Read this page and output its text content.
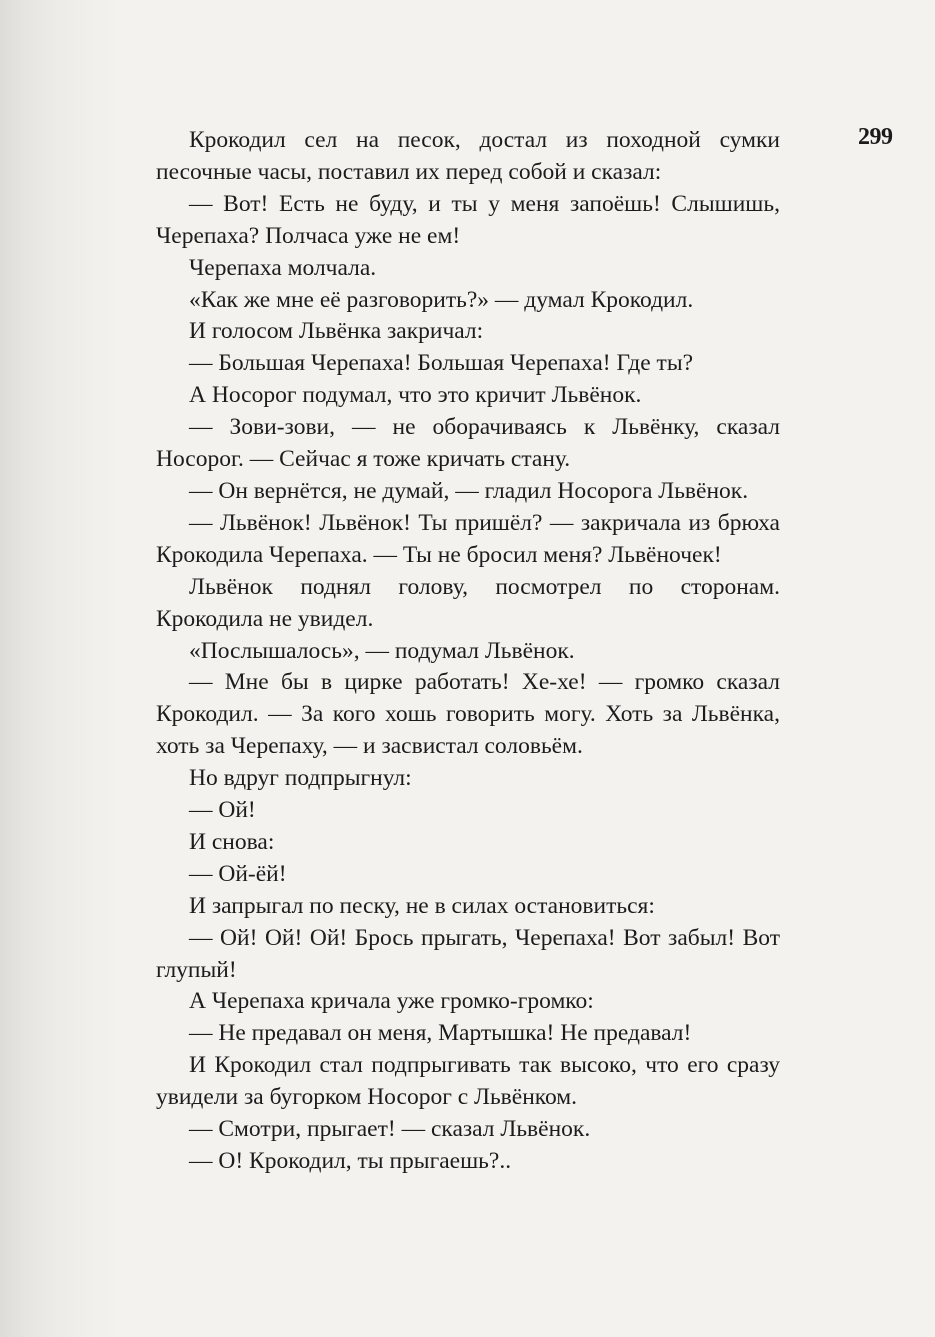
299

Крокодил сел на песок, достал из походной сумки песочные часы, поставил их перед собой и сказал:

— Вот! Есть не буду, и ты у меня запоёшь! Слышишь, Черепаха? Полчаса уже не ем!

Черепаха молчала.

«Как же мне её разговорить?» — думал Крокодил.

И голосом Львёнка закричал:

— Большая Черепаха! Большая Черепаха! Где ты?

А Носорог подумал, что это кричит Львёнок.

— Зови-зови, — не оборачиваясь к Львёнку, сказал Носорог. — Сейчас я тоже кричать стану.

— Он вернётся, не думай, — гладил Носорога Львёнок.

— Львёнок! Львёнок! Ты пришёл? — закричала из брюха Крокодила Черепаха. — Ты не бросил меня? Львёночек!

Львёнок поднял голову, посмотрел по сторонам. Крокодила не увидел.

«Послышалось», — подумал Львёнок.

— Мне бы в цирке работать! Хе-хе! — громко сказал Крокодил. — За кого хошь говорить могу. Хоть за Львёнка, хоть за Черепаху, — и засвистал соловьём.

Но вдруг подпрыгнул:

— Ой!

И снова:

— Ой-ёй!

И запрыгал по песку, не в силах остановиться:

— Ой! Ой! Ой! Брось прыгать, Черепаха! Вот забыл! Вот глупый!

А Черепаха кричала уже громко-громко:

— Не предавал он меня, Мартышка! Не предавал!

И Крокодил стал подпрыгивать так высоко, что его сразу увидели за бугорком Носорог с Львёнком.

— Смотри, прыгает! — сказал Львёнок.

— О! Крокодил, ты прыгаешь?..
